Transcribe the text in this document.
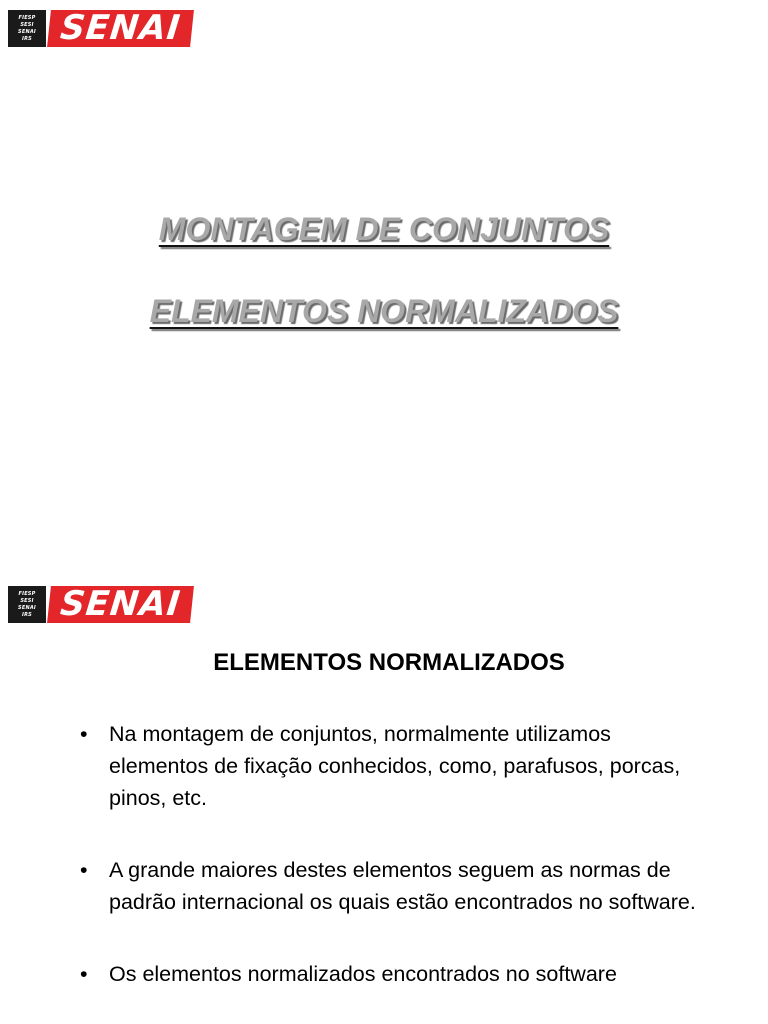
FIESP
SESI
SENAI
IRS SENAI
MONTAGEM DE CONJUNTOS
ELEMENTOS NORMALIZADOS
FIESP
SESI
SENAI
IRS SENAI
ELEMENTOS NORMALIZADOS
• Na montagem de conjuntos, normalmente utilizamos elementos de fixação conhecidos, como, parafusos, porcas, pinos, etc.
• A grande maiores destes elementos seguem as normas de padrão internacional os quais estão encontrados no software.
• Os elementos normalizados encontrados no software
